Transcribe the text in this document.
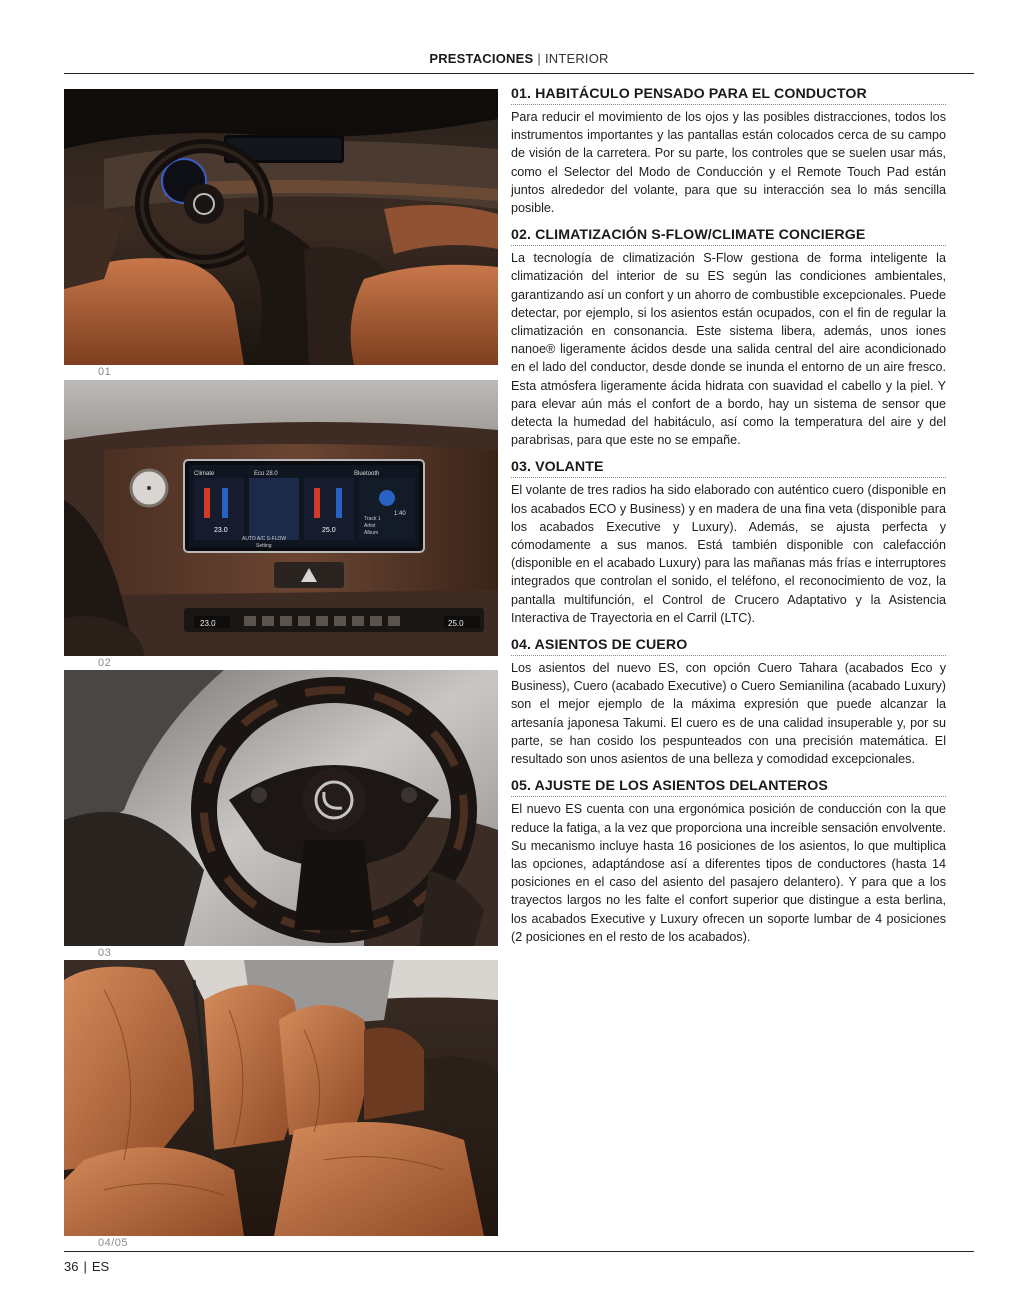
PRESTACIONES | INTERIOR
01
Climate	Eco 28.0	Bluetooth
23.0	25.0
1:40
Track 1
Artist
Album
AUTO A/C S-FLOW
Setting
23.0	25.0
02
03
04/05
01. HABITÁCULO PENSADO PARA EL CONDUCTOR

Para reducir el movimiento de los ojos y las posibles distracciones, todos los instrumentos importantes y las pantallas están colocados cerca de su campo de visión de la carretera. Por su parte, los controles que se suelen usar más, como el Selector del Modo de Conducción y el Remote Touch Pad están juntos alrededor del volante, para que su interacción sea lo más sencilla posible.

02. CLIMATIZACIÓN S-FLOW/CLIMATE CONCIERGE

La tecnología de climatización S-Flow gestiona de forma inteligente la climatización del interior de su ES según las condiciones ambientales, garantizando así un confort y un ahorro de combustible excepcionales. Puede detectar, por ejemplo, si los asientos están ocupados, con el fin de regular la climatización en consonancia. Este sistema libera, además, unos iones nanoe® ligeramente ácidos desde una salida central del aire acondicionado en el lado del conductor, desde donde se inunda el entorno de un aire fresco. Esta atmósfera ligeramente ácida hidrata con suavidad el cabello y la piel. Y para elevar aún más el confort de a bordo, hay un sistema de sensor que detecta la humedad del habitáculo, así como la temperatura del aire y del parabrisas, para que este no se empañe.

03. VOLANTE

El volante de tres radios ha sido elaborado con auténtico cuero (disponible en los acabados ECO y Business) y en madera de una fina veta (disponible para los acabados Executive y Luxury). Además, se ajusta perfecta y cómodamente a sus manos. Está también disponible con calefacción (disponible en el acabado Luxury) para las mañanas más frías e interruptores integrados que controlan el sonido, el teléfono, el reconocimiento de voz, la pantalla multifunción, el Control de Crucero Adaptativo y la Asistencia Interactiva de Trayectoria en el Carril (LTC).

04. ASIENTOS DE CUERO

Los asientos del nuevo ES, con opción Cuero Tahara (acabados Eco y Business), Cuero (acabado Executive) o Cuero Semianilina (acabado Luxury) son el mejor ejemplo de la máxima expresión que puede alcanzar la artesanía japonesa Takumi. El cuero es de una calidad insuperable y, por su parte, se han cosido los pespunteados con una precisión matemática. El resultado son unos asientos de una belleza y comodidad excepcionales.

05. AJUSTE DE LOS ASIENTOS DELANTEROS

El nuevo ES cuenta con una ergonómica posición de conducción con la que reduce la fatiga, a la vez que proporciona una increíble sensación envolvente. Su mecanismo incluye hasta 16 posiciones de los asientos, lo que multiplica las opciones, adaptándose así a diferentes tipos de conductores (hasta 14 posiciones en el caso del asiento del pasajero delantero). Y para que a los trayectos largos no les falte el confort superior que distingue a esta berlina, los acabados Executive y Luxury ofrecen un soporte lumbar de 4 posiciones (2 posiciones en el resto de los acabados).

36 | ES
